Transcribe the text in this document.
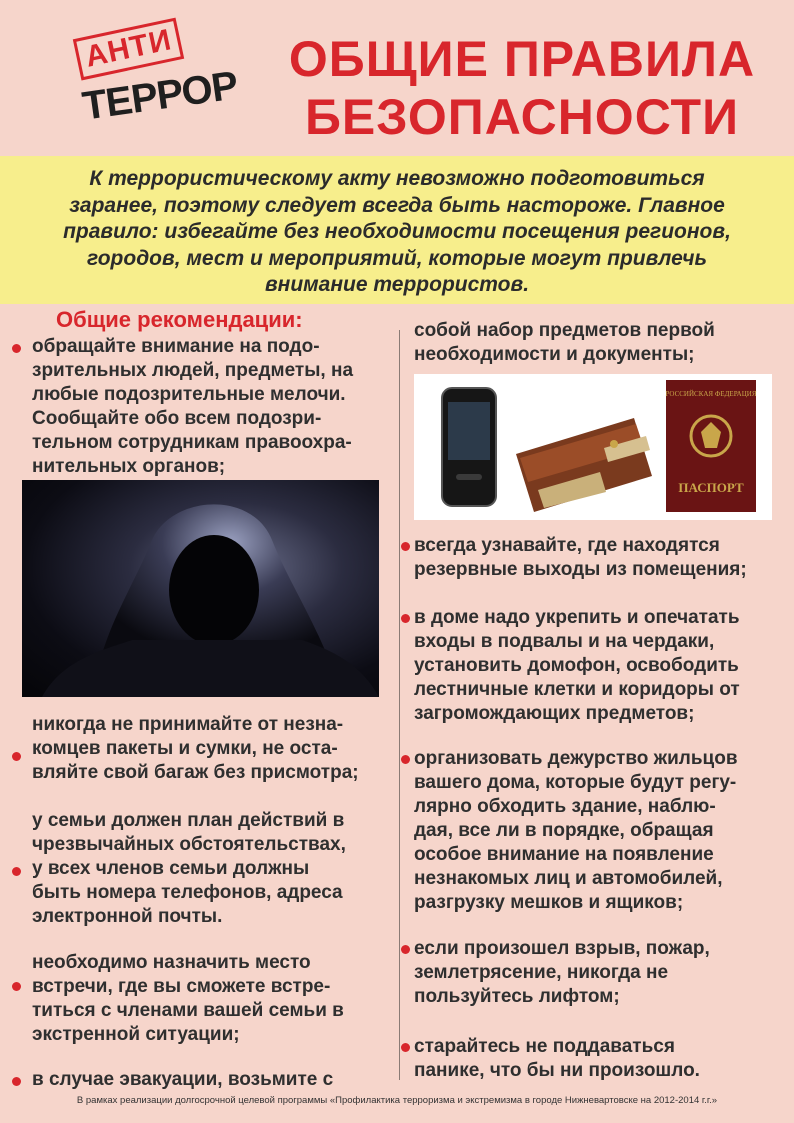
АНТИ
ТЕРРОР
ОБЩИЕ ПРАВИЛА
БЕЗОПАСНОСТИ

К террористическому акту невозможно подготовиться
заранее, поэтому следует всегда быть настороже. Главное
правило: избегайте без необходимости посещения регионов,
городов, мест и мероприятий, которые могут привлечь
внимание террористов.

Общие рекомендации:
обращайте внимание на подо-
зрительных людей, предметы, на
любые подозрительные мелочи.
Сообщайте обо всем подозри-
тельном сотрудникам правоохра-
нительных органов;
никогда не принимайте от незна-
комцев пакеты и сумки, не оста-
вляйте свой багаж без присмотра;
у семьи должен план действий в
чрезвычайных обстоятельствах,
у всех членов семьи должны
быть номера телефонов, адреса
электронной почты.
необходимо назначить место
встречи, где вы сможете встре-
титься с членами вашей семьи в
экстренной ситуации;
в случае эвакуации, возьмите с
собой набор предметов первой
необходимости и документы;
РОССИЙСКАЯ ФЕДЕРАЦИЯ
ПАСПОРТ
всегда узнавайте, где находятся
резервные выходы из помещения;
в доме надо укрепить и опечатать
входы в подвалы и на чердаки,
установить домофон, освободить
лестничные клетки и коридоры от
загромождающих предметов;
организовать дежурство жильцов
вашего дома, которые будут регу-
лярно обходить здание, наблю-
дая, все ли в порядке, обращая
особое внимание на появление
незнакомых лиц и автомобилей,
разгрузку мешков и ящиков;
если произошел взрыв, пожар,
землетрясение, никогда не
пользуйтесь лифтом;
старайтесь не поддаваться
панике, что бы ни произошло.
В рамках реализации долгосрочной целевой программы «Профилактика терроризма и экстремизма в городе Нижневартовске на 2012-2014 г.г.»
